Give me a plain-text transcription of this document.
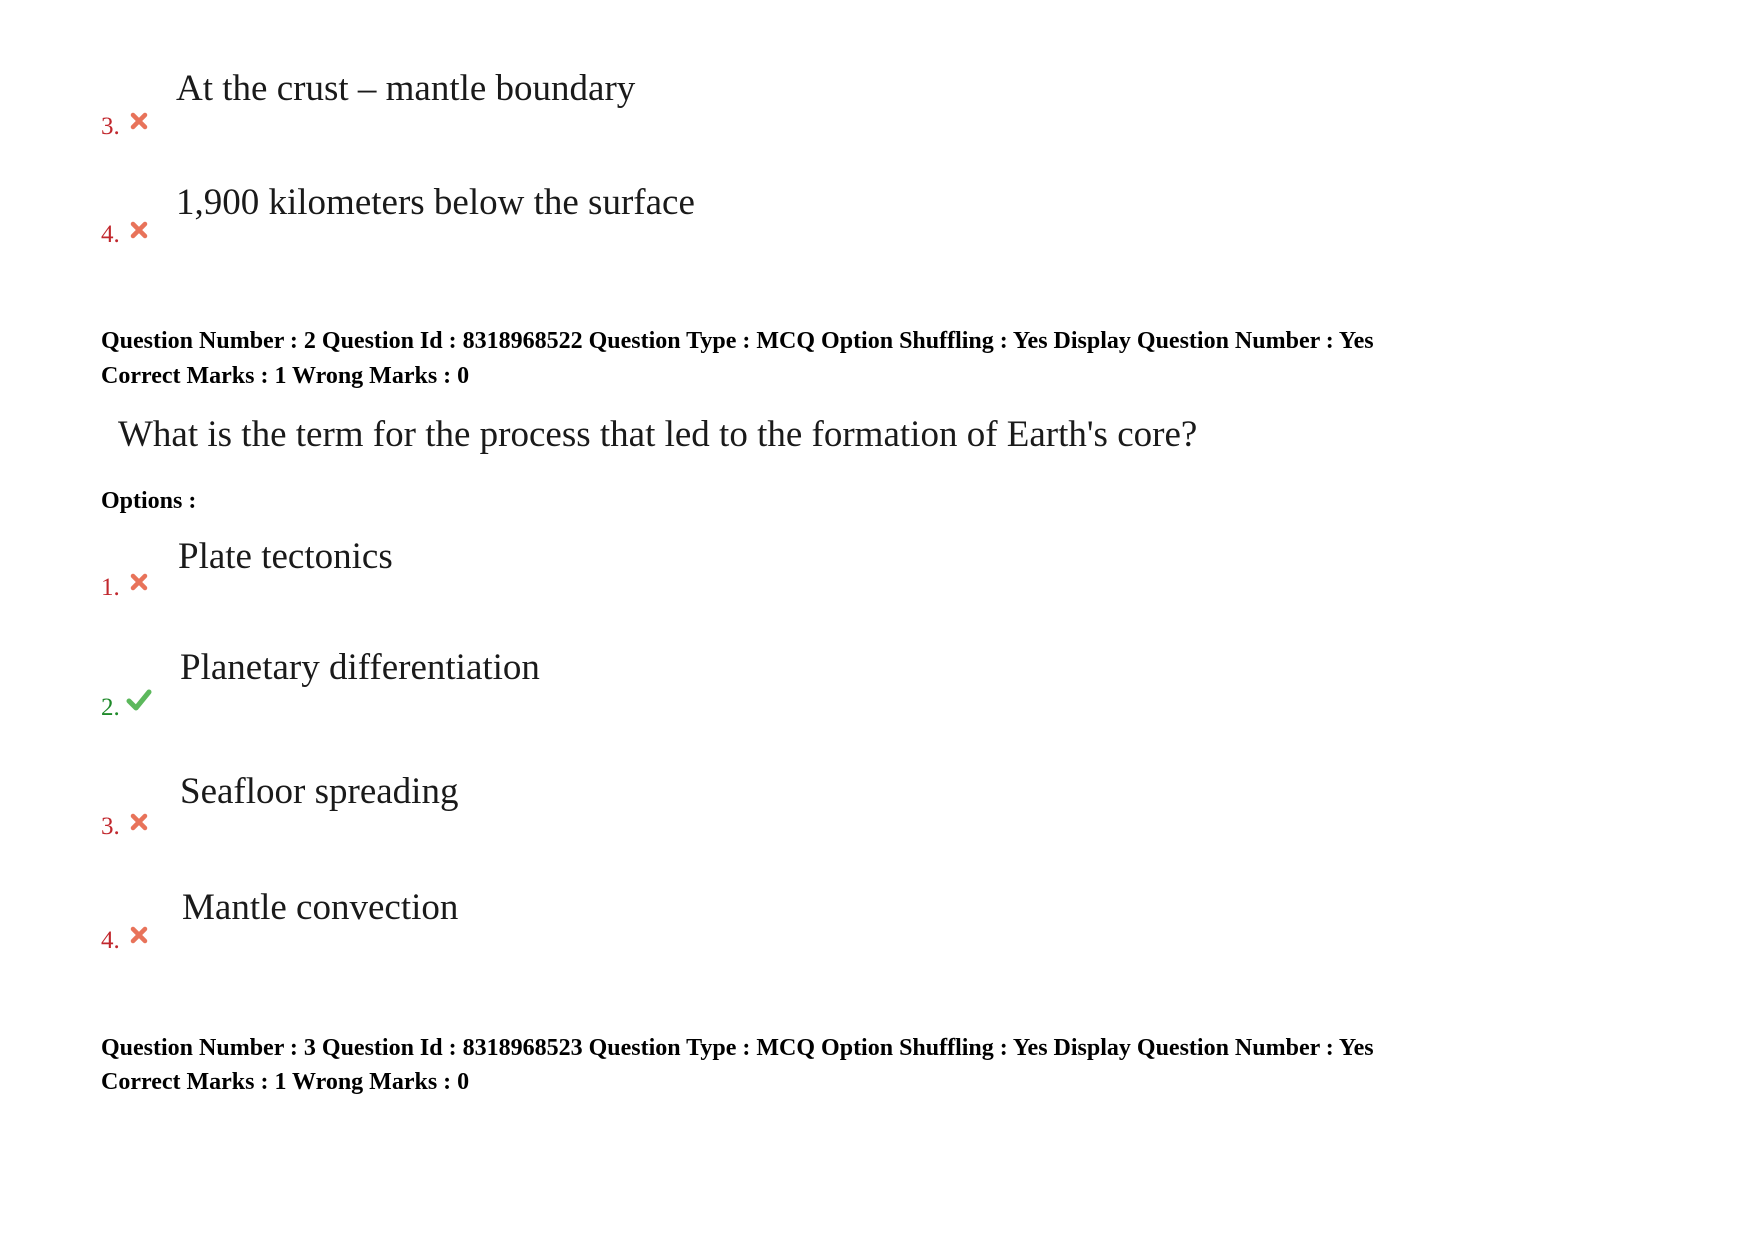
3.
At the crust – mantle boundary
4.
1,900 kilometers below the surface
Question Number : 2 Question Id : 8318968522 Question Type : MCQ Option Shuffling : Yes Display Question Number : Yes
Correct Marks : 1 Wrong Marks : 0
What is the term for the process that led to the formation of Earth's core?
Options :
1.
Plate tectonics
2.
Planetary differentiation
3.
Seafloor spreading
4.
Mantle convection
Question Number : 3 Question Id : 8318968523 Question Type : MCQ Option Shuffling : Yes Display Question Number : Yes
Correct Marks : 1 Wrong Marks : 0
